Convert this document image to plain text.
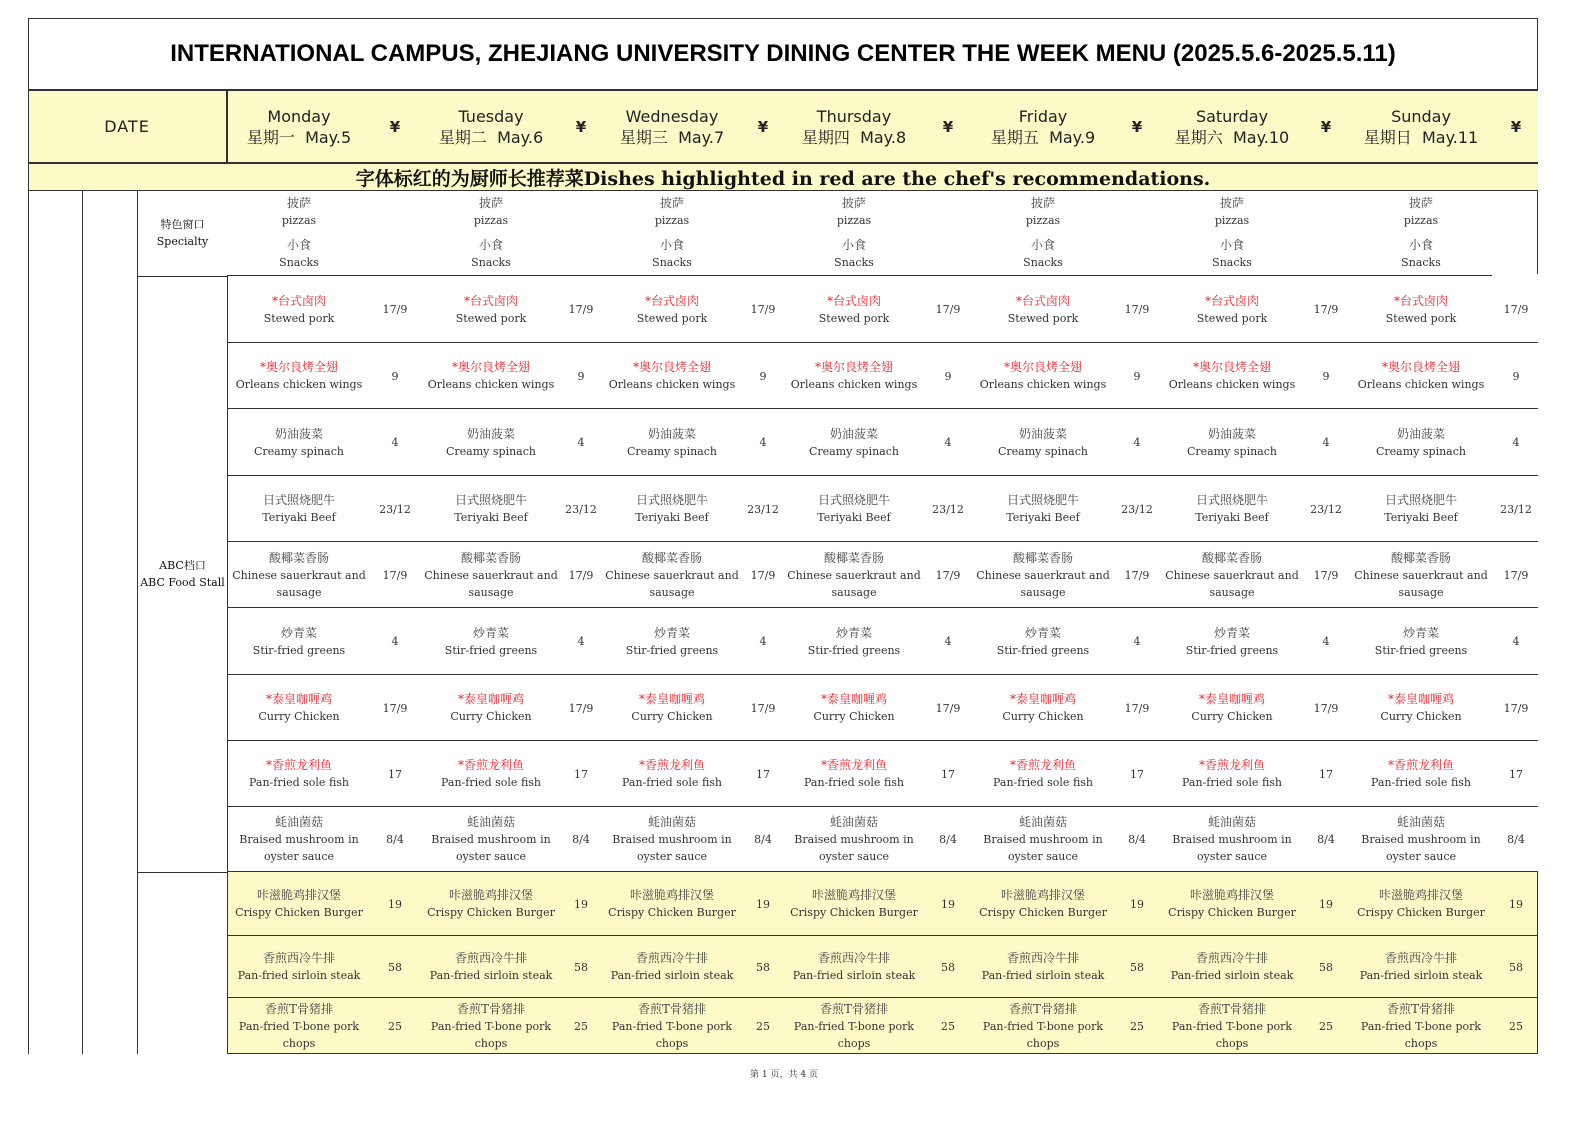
INTERNATIONAL CAMPUS, ZHEJIANG UNIVERSITY DINING CENTER THE WEEK MENU (2025.5.6-2025.5.11)
DATE
Monday
星期一 May.5
¥
Tuesday
星期二 May.6
¥
Wednesday
星期三 May.7
¥
Thursday
星期四 May.8
¥
Friday
星期五 May.9
¥
Saturday
星期六 May.10
¥
Sunday
星期日 May.11
¥
字体标红的为厨师长推荐菜Dishes highlighted in red are the chef's recommendations.
特色窗口
Specialty
ABC档口
ABC Food Stall
披萨
pizzas
小食
Snacks
披萨
pizzas
小食
Snacks
披萨
pizzas
小食
Snacks
披萨
pizzas
小食
Snacks
披萨
pizzas
小食
Snacks
披萨
pizzas
小食
Snacks
披萨
pizzas
小食
Snacks
*台式卤肉
Stewed pork
17/9
*台式卤肉
Stewed pork
17/9
*台式卤肉
Stewed pork
17/9
*台式卤肉
Stewed pork
17/9
*台式卤肉
Stewed pork
17/9
*台式卤肉
Stewed pork
17/9
*台式卤肉
Stewed pork
17/9
*奥尔良烤全翅
Orleans chicken wings
9
*奥尔良烤全翅
Orleans chicken wings
9
*奥尔良烤全翅
Orleans chicken wings
9
*奥尔良烤全翅
Orleans chicken wings
9
*奥尔良烤全翅
Orleans chicken wings
9
*奥尔良烤全翅
Orleans chicken wings
9
*奥尔良烤全翅
Orleans chicken wings
9
奶油菠菜
Creamy spinach
4
奶油菠菜
Creamy spinach
4
奶油菠菜
Creamy spinach
4
奶油菠菜
Creamy spinach
4
奶油菠菜
Creamy spinach
4
奶油菠菜
Creamy spinach
4
奶油菠菜
Creamy spinach
4
日式照烧肥牛
Teriyaki Beef
23/12
日式照烧肥牛
Teriyaki Beef
23/12
日式照烧肥牛
Teriyaki Beef
23/12
日式照烧肥牛
Teriyaki Beef
23/12
日式照烧肥牛
Teriyaki Beef
23/12
日式照烧肥牛
Teriyaki Beef
23/12
日式照烧肥牛
Teriyaki Beef
23/12
酸椰菜香肠
Chinese sauerkraut and sausage
17/9
酸椰菜香肠
Chinese sauerkraut and sausage
17/9
酸椰菜香肠
Chinese sauerkraut and sausage
17/9
酸椰菜香肠
Chinese sauerkraut and sausage
17/9
酸椰菜香肠
Chinese sauerkraut and sausage
17/9
酸椰菜香肠
Chinese sauerkraut and sausage
17/9
酸椰菜香肠
Chinese sauerkraut and sausage
17/9
炒青菜
Stir-fried greens
4
炒青菜
Stir-fried greens
4
炒青菜
Stir-fried greens
4
炒青菜
Stir-fried greens
4
炒青菜
Stir-fried greens
4
炒青菜
Stir-fried greens
4
炒青菜
Stir-fried greens
4
*泰皇咖喱鸡
Curry Chicken
17/9
*泰皇咖喱鸡
Curry Chicken
17/9
*泰皇咖喱鸡
Curry Chicken
17/9
*泰皇咖喱鸡
Curry Chicken
17/9
*泰皇咖喱鸡
Curry Chicken
17/9
*泰皇咖喱鸡
Curry Chicken
17/9
*泰皇咖喱鸡
Curry Chicken
17/9
*香煎龙利鱼
Pan-fried sole fish
17
*香煎龙利鱼
Pan-fried sole fish
17
*香煎龙利鱼
Pan-fried sole fish
17
*香煎龙利鱼
Pan-fried sole fish
17
*香煎龙利鱼
Pan-fried sole fish
17
*香煎龙利鱼
Pan-fried sole fish
17
*香煎龙利鱼
Pan-fried sole fish
17
蚝油菌菇
Braised mushroom in oyster sauce
8/4
蚝油菌菇
Braised mushroom in oyster sauce
8/4
蚝油菌菇
Braised mushroom in oyster sauce
8/4
蚝油菌菇
Braised mushroom in oyster sauce
8/4
蚝油菌菇
Braised mushroom in oyster sauce
8/4
蚝油菌菇
Braised mushroom in oyster sauce
8/4
蚝油菌菇
Braised mushroom in oyster sauce
8/4
咔滋脆鸡排汉堡
Crispy Chicken Burger
19
咔滋脆鸡排汉堡
Crispy Chicken Burger
19
咔滋脆鸡排汉堡
Crispy Chicken Burger
19
咔滋脆鸡排汉堡
Crispy Chicken Burger
19
咔滋脆鸡排汉堡
Crispy Chicken Burger
19
咔滋脆鸡排汉堡
Crispy Chicken Burger
19
咔滋脆鸡排汉堡
Crispy Chicken Burger
19
香煎西冷牛排
Pan-fried sirloin steak
58
香煎西冷牛排
Pan-fried sirloin steak
58
香煎西冷牛排
Pan-fried sirloin steak
58
香煎西冷牛排
Pan-fried sirloin steak
58
香煎西冷牛排
Pan-fried sirloin steak
58
香煎西冷牛排
Pan-fried sirloin steak
58
香煎西冷牛排
Pan-fried sirloin steak
58
香煎T骨猪排
Pan-fried T-bone pork chops
25
香煎T骨猪排
Pan-fried T-bone pork chops
25
香煎T骨猪排
Pan-fried T-bone pork chops
25
香煎T骨猪排
Pan-fried T-bone pork chops
25
香煎T骨猪排
Pan-fried T-bone pork chops
25
香煎T骨猪排
Pan-fried T-bone pork chops
25
香煎T骨猪排
Pan-fried T-bone pork chops
25
第 1 页，共 4 页
